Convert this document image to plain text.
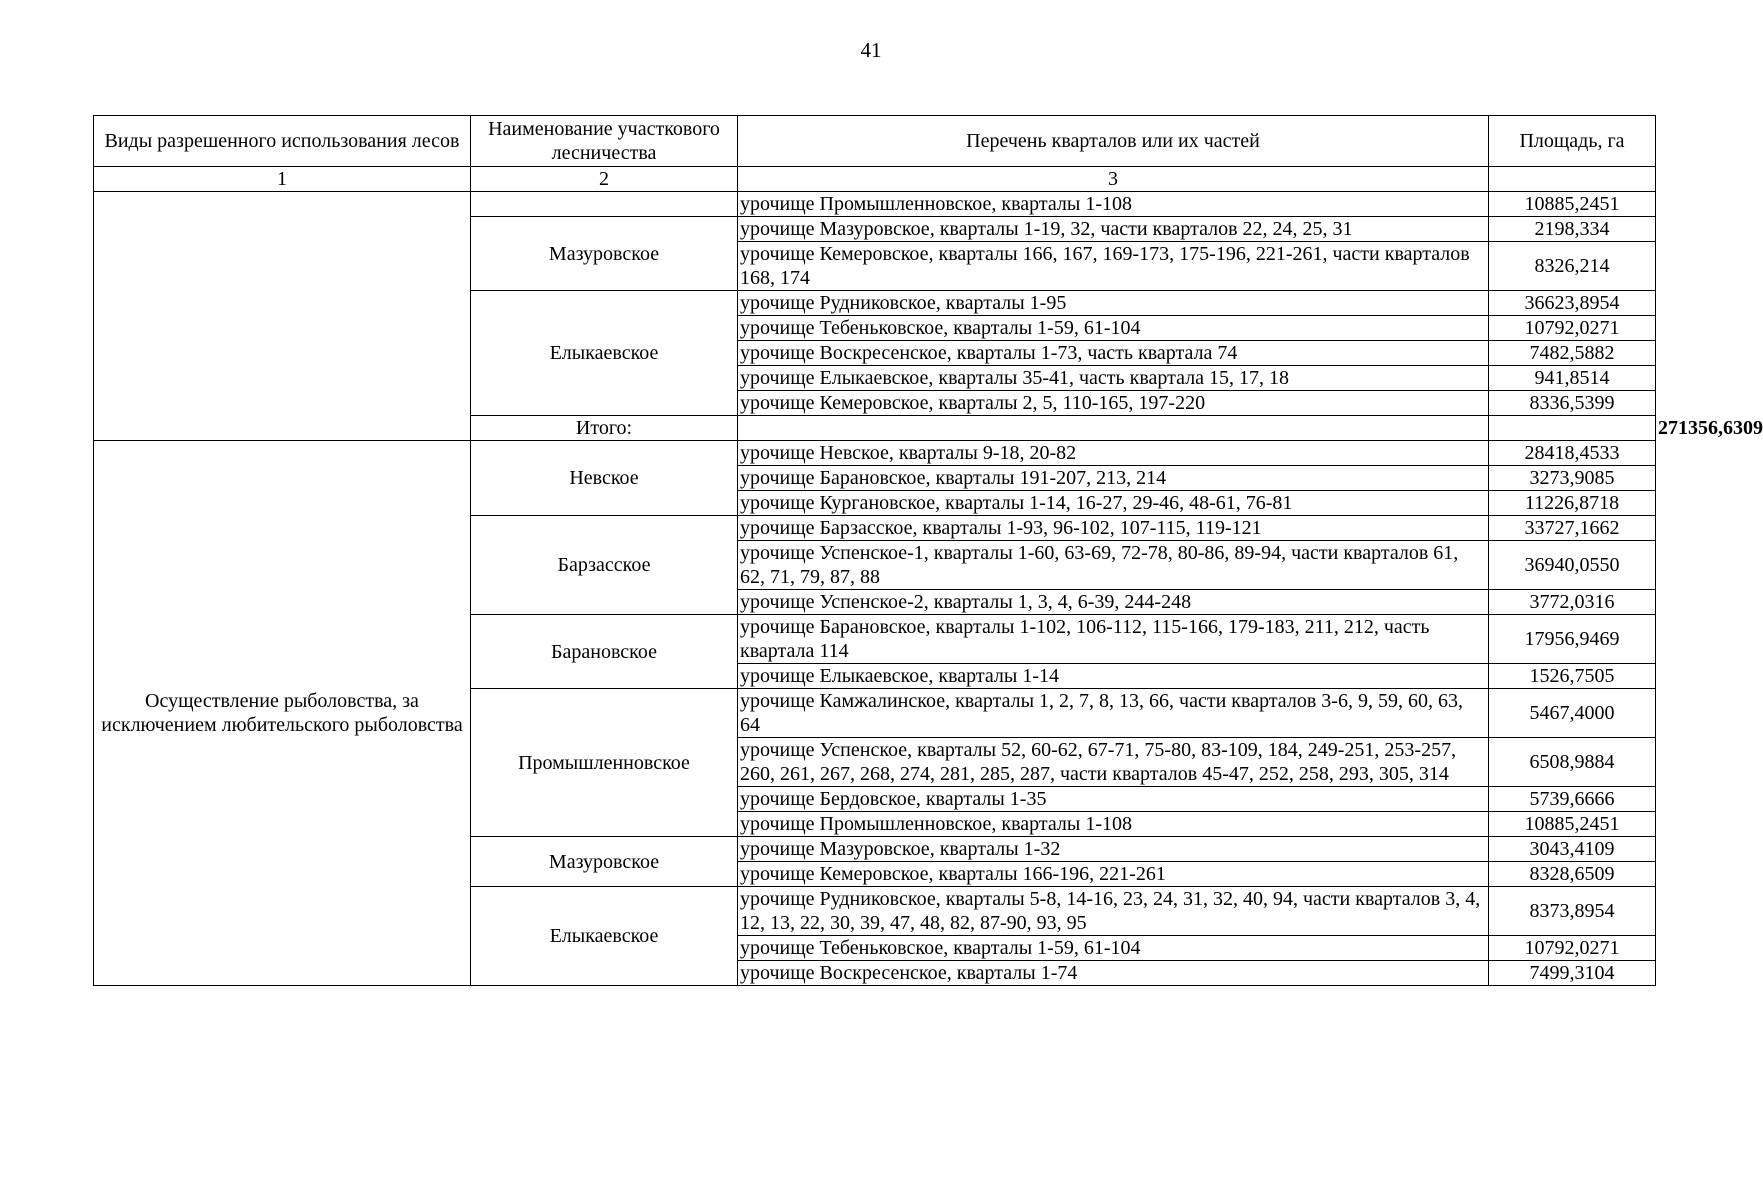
41
Виды разрешенного использования лесов	Наименование участкового лесничества	Перечень кварталов или их частей	Площадь, га	
1	2	3		
		урочище Промышленновское, кварталы 1-108	10885,2451	
	Мазуровское	урочище Мазуровское, кварталы 1-19, 32, части кварталов 22, 24, 25, 31	2198,334	
		урочище Кемеровское, кварталы 166, 167, 169-173, 175-196, 221-261, части кварталов 168, 174	8326,214	
	Елыкаевское	урочище Рудниковское, кварталы 1-95	36623,8954	
		урочище Тебеньковское, кварталы 1-59, 61-104	10792,0271	
		урочище Воскресенское, кварталы 1-73, часть квартала 74	7482,5882	
		урочище Елыкаевское, кварталы 35-41, часть квартала 15, 17, 18	941,8514	
		урочище Кемеровское, кварталы 2, 5, 110-165, 197-220	8336,5399	
	Итого:			271356,6309
Осуществление рыболовства, за исключением любительского рыболовства	Невское	урочище Невское, кварталы 9-18, 20-82	28418,4533	
		урочище Барановское, кварталы 191-207, 213, 214	3273,9085	
		урочище Кургановское, кварталы 1-14, 16-27, 29-46, 48-61, 76-81	11226,8718	
	Барзасское	урочище Барзасское, кварталы 1-93, 96-102, 107-115, 119-121	33727,1662	
		урочище Успенское-1, кварталы 1-60, 63-69, 72-78, 80-86, 89-94, части кварталов 61, 62, 71, 79, 87, 88	36940,0550	
		урочище Успенское-2, кварталы 1, 3, 4, 6-39, 244-248	3772,0316	
	Барановское	урочище Барановское, кварталы 1-102, 106-112, 115-166, 179-183, 211, 212, часть квартала 114	17956,9469	
		урочище Елыкаевское, кварталы 1-14	1526,7505	
	Промышленновское	урочище Камжалинское, кварталы 1, 2, 7, 8, 13, 66, части кварталов 3-6, 9, 59, 60, 63, 64	5467,4000	
		урочище Успенское, кварталы 52, 60-62, 67-71, 75-80, 83-109, 184, 249-251, 253-257, 260, 261, 267, 268, 274, 281, 285, 287, части кварталов 45-47, 252, 258, 293, 305, 314	6508,9884	
		урочище Бердовское, кварталы 1-35	5739,6666	
		урочище Промышленновское, кварталы 1-108	10885,2451	
	Мазуровское	урочище Мазуровское, кварталы 1-32	3043,4109	
		урочище Кемеровское, кварталы 166-196, 221-261	8328,6509	
	Елыкаевское	урочище Рудниковское, кварталы 5-8, 14-16, 23, 24, 31, 32, 40, 94, части кварталов 3, 4, 12, 13, 22, 30, 39, 47, 48, 82, 87-90, 93, 95	8373,8954	
		урочище Тебеньковское, кварталы 1-59, 61-104	10792,0271	
		урочище Воскресенское, кварталы 1-74	7499,3104	
